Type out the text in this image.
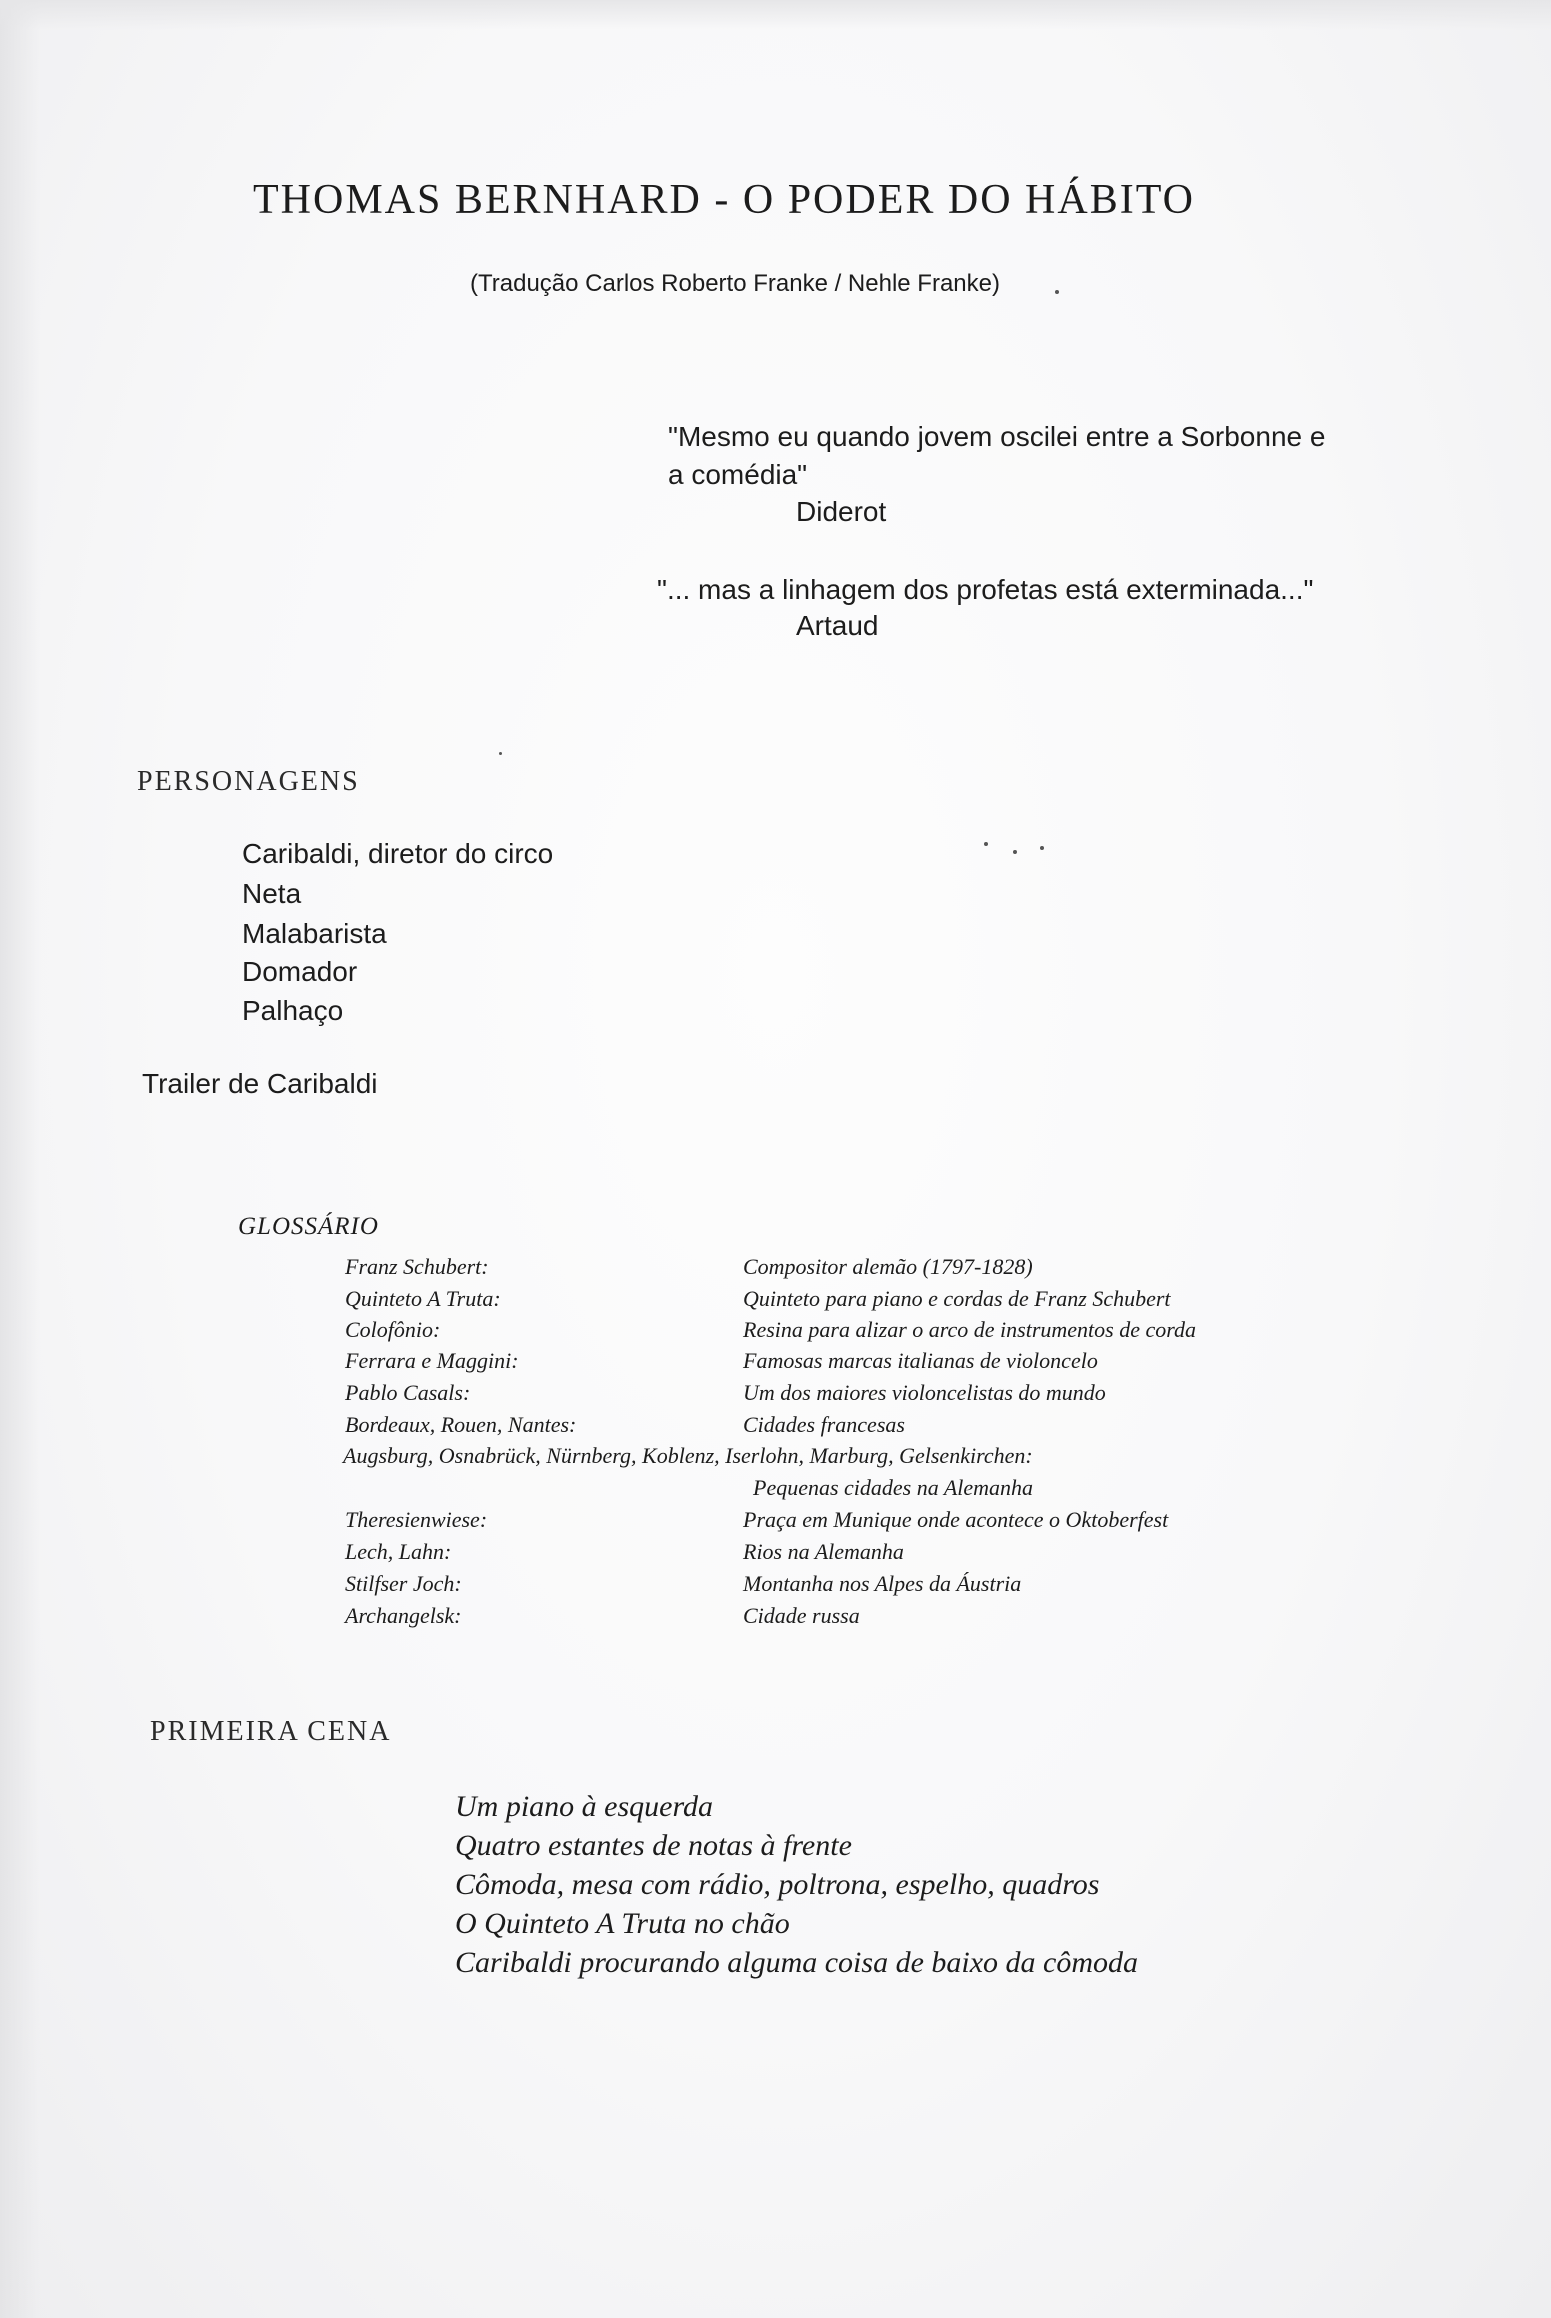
THOMAS BERNHARD - O PODER DO HÁBITO
(Tradução Carlos Roberto Franke / Nehle Franke)
"Mesmo eu quando jovem oscilei entre a Sorbonne e
a comédia"
Diderot
"... mas a linhagem dos profetas está exterminada..."
Artaud
PERSONAGENS
Caribaldi, diretor do circo
Neta
Malabarista
Domador
Palhaço
Trailer de Caribaldi
GLOSSÁRIO
Franz Schubert:	Compositor alemão (1797-1828)
Quinteto A Truta:	Quinteto para piano e cordas de Franz Schubert
Colofônio:	Resina para alizar o arco de instrumentos de corda
Ferrara e Maggini:	Famosas marcas italianas de violoncelo
Pablo Casals:	Um dos maiores violoncelistas do mundo
Bordeaux, Rouen, Nantes:	Cidades francesas
Augsburg, Osnabrück, Nürnberg, Koblenz, Iserlohn, Marburg, Gelsenkirchen:
Pequenas cidades na Alemanha
Theresienwiese:	Praça em Munique onde acontece o Oktoberfest
Lech, Lahn:	Rios na Alemanha
Stilfser Joch:	Montanha nos Alpes da Áustria
Archangelsk:	Cidade russa
PRIMEIRA CENA
Um piano à esquerda
Quatro estantes de notas à frente
Cômoda, mesa com rádio, poltrona, espelho, quadros
O Quinteto A Truta no chão
Caribaldi procurando alguma coisa de baixo da cômoda
